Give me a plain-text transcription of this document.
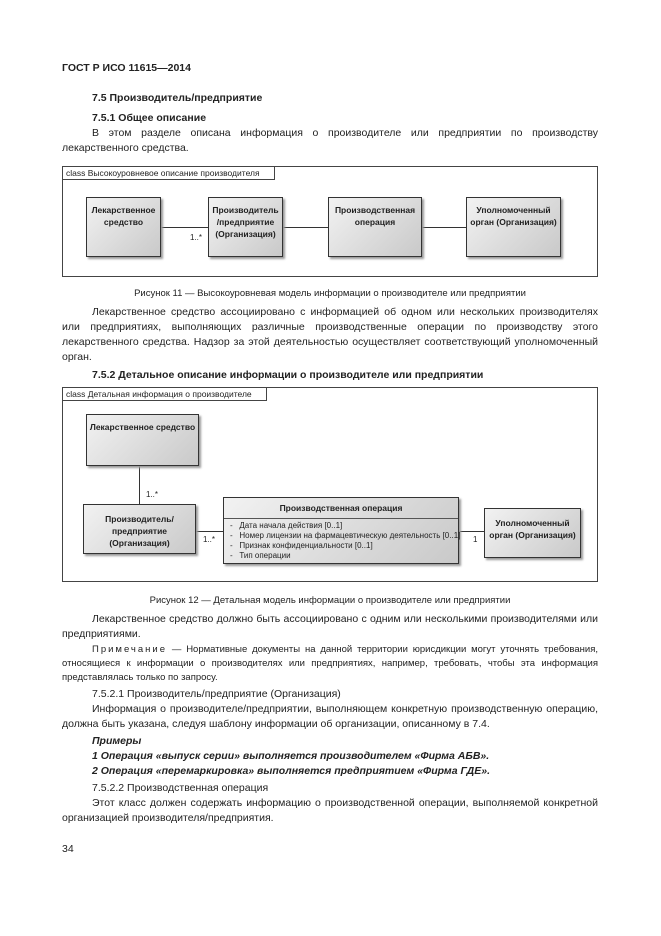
ГОСТ Р ИСО 11615—2014
7.5 Производитель/предприятие
7.5.1 Общее описание
В этом разделе описана информация о производителе или предприятии по производству лекарственного средства.
class Высокоуровневое описание производителя
Лекарственное средство
Производитель /предприятие (Организация)
Производственная операция
Уполномоченный орган (Организация)
1..*
Рисунок 11 — Высокоуровневая модель информации о производителе или предприятии
Лекарственное средство ассоциировано с информацией об одном или нескольких производителях или предприятиях, выполняющих различные производственные операции по производству этого лекарственного средства. Надзор за этой деятельностью осуществляет соответствующий уполномоченный орган.
7.5.2 Детальное описание информации о производителе или предприятии
class Детальная информация о производителе
Лекарственное средство
Производитель/предприятие (Организация)
Производственная операция
-   Дата начала действия [0..1]
-   Номер лицензии на фармацевтическую деятельность [0..1]
-   Признак конфиденциальности [0..1]
-   Тип операции
Уполномоченный орган (Организация)
1..*
1..*	1
Рисунок 12 — Детальная модель информации о производителе или предприятии
Лекарственное средство должно быть ассоциировано с одним или несколькими производителями или предприятиями.
Примечание — Нормативные документы на данной территории юрисдикции могут уточнять требования, относящиеся к информации о производителях или предприятиях, например, требовать, чтобы эта информация представлялась только по запросу.
7.5.2.1 Производитель/предприятие (Организация)
Информация о производителе/предприятии, выполняющем конкретную производственную операцию, должна быть указана, следуя шаблону информации об организации, описанному в 7.4.
Примеры
1 Операция «выпуск серии» выполняется производителем «Фирма АБВ».
2 Операция «перемаркировка» выполняется предприятием «Фирма ГДЕ».
7.5.2.2 Производственная операция
Этот класс должен содержать информацию о производственной операции, выполняемой конкретной организацией производителя/предприятия.
34
